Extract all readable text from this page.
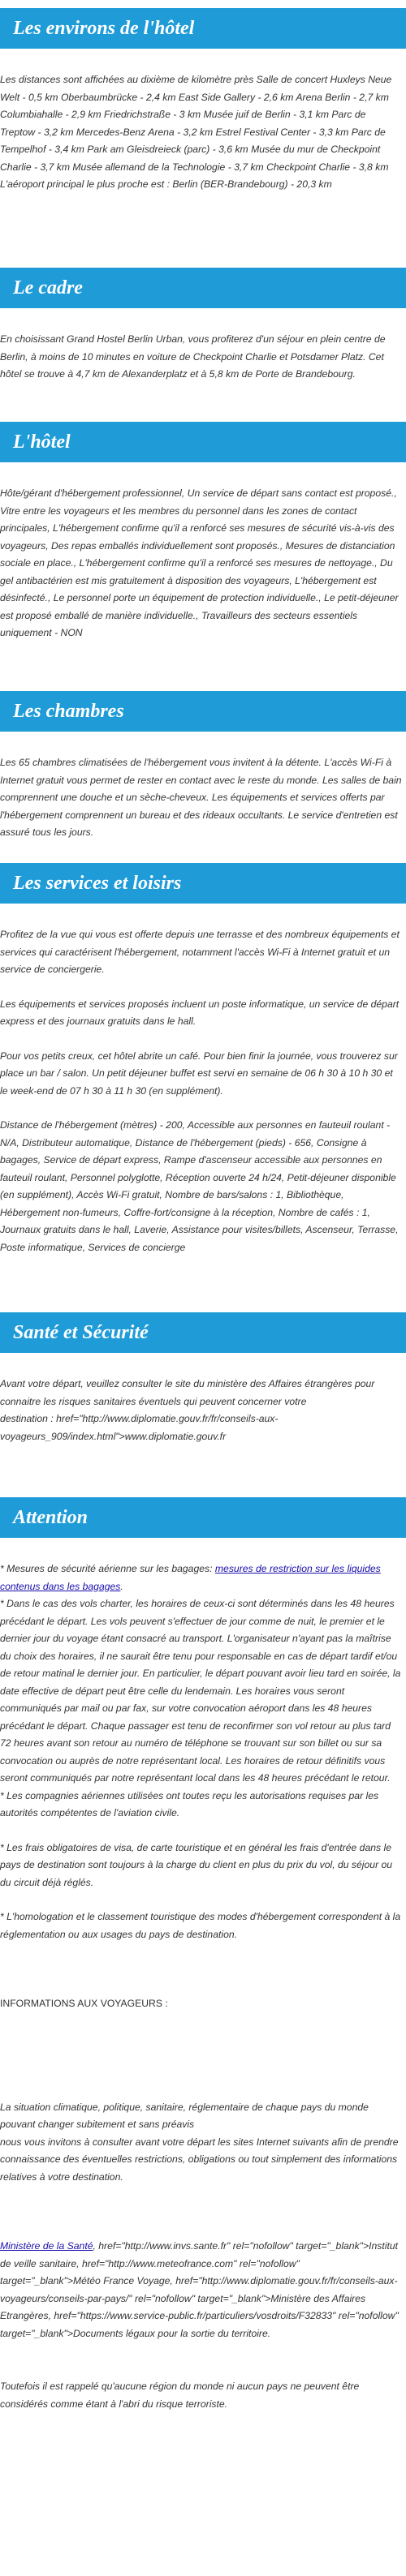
Les environs de l'hôtel

Les distances sont affichées au dixième de kilomètre près Salle de concert Huxleys Neue Welt - 0,5 km Oberbaumbrücke - 2,4 km East Side Gallery - 2,6 km Arena Berlin - 2,7 km Columbiahalle - 2,9 km Friedrichstraße - 3 km Musée juif de Berlin - 3,1 km Parc de Treptow - 3,2 km Mercedes-Benz Arena - 3,2 km Estrel Festival Center - 3,3 km Parc de Tempelhof - 3,4 km Park am Gleisdreieck (parc) - 3,6 km Musée du mur de Checkpoint Charlie - 3,7 km Musée allemand de la Technologie - 3,7 km Checkpoint Charlie - 3,8 km L'aéroport principal le plus proche est : Berlin (BER-Brandebourg) - 20,3 km

Le cadre

En choisissant Grand Hostel Berlin Urban, vous profiterez d'un séjour en plein centre de Berlin, à moins de 10 minutes en voiture de Checkpoint Charlie et Potsdamer Platz. Cet hôtel se trouve à 4,7 km de Alexanderplatz et à 5,8 km de Porte de Brandebourg.

L'hôtel

Hôte/gérant d'hébergement professionnel, Un service de départ sans contact est proposé., Vitre entre les voyageurs et les membres du personnel dans les zones de contact principales, L'hébergement confirme qu'il a renforcé ses mesures de sécurité vis-à-vis des voyageurs, Des repas emballés individuellement sont proposés., Mesures de distanciation sociale en place., L'hébergement confirme qu'il a renforcé ses mesures de nettoyage., Du gel antibactérien est mis gratuitement à disposition des voyageurs, L'hébergement est désinfecté., Le personnel porte un équipement de protection individuelle., Le petit-déjeuner est proposé emballé de manière individuelle., Travailleurs des secteurs essentiels uniquement - NON

Les chambres

Les 65 chambres climatisées de l'hébergement vous invitent à la détente. L'accès Wi-Fi à Internet gratuit vous permet de rester en contact avec le reste du monde. Les salles de bain comprennent une douche et un sèche-cheveux. Les équipements et services offerts par l'hébergement comprennent un bureau et des rideaux occultants. Le service d'entretien est assuré tous les jours.

Les services et loisirs

Profitez de la vue qui vous est offerte depuis une terrasse et des nombreux équipements et services qui caractérisent l'hébergement, notamment l'accès Wi-Fi à Internet gratuit et un service de conciergerie.

Les équipements et services proposés incluent un poste informatique, un service de départ express et des journaux gratuits dans le hall.

Pour vos petits creux, cet hôtel abrite un café. Pour bien finir la journée, vous trouverez sur place un bar / salon. Un petit déjeuner buffet est servi en semaine de 06 h 30 à 10 h 30 et le week-end de 07 h 30 à 11 h 30 (en supplément).

Distance de l'hébergement (mètres) - 200, Accessible aux personnes en fauteuil roulant - N/A, Distributeur automatique, Distance de l'hébergement (pieds) - 656, Consigne à bagages, Service de départ express, Rampe d'ascenseur accessible aux personnes en fauteuil roulant, Personnel polyglotte, Réception ouverte 24 h/24, Petit-déjeuner disponible (en supplément), Accès Wi-Fi gratuit, Nombre de bars/salons : 1, Bibliothèque, Hébergement non-fumeurs, Coffre-fort/consigne à la réception, Nombre de cafés : 1, Journaux gratuits dans le hall, Laverie, Assistance pour visites/billets, Ascenseur, Terrasse, Poste informatique, Services de concierge

Santé et Sécurité

Avant votre départ, veuillez consulter le site du ministère des Affaires étrangères pour connaitre les risques sanitaires éventuels qui peuvent concerner votre
destination : href="http://www.diplomatie.gouv.fr/fr/conseils-aux-voyageurs_909/index.html">www.diplomatie.gouv.fr

Attention

* Mesures de sécurité aérienne sur les bagages: mesures de restriction sur les liquides contenus dans les bagages.

* Dans le cas des vols charter, les horaires de ceux-ci sont déterminés dans les 48 heures précédant le départ. Les vols peuvent s'effectuer de jour comme de nuit, le premier et le dernier jour du voyage étant consacré au transport. L'organisateur n'ayant pas la maîtrise du choix des horaires, il ne saurait être tenu pour responsable en cas de départ tardif et/ou de retour matinal le dernier jour. En particulier, le départ pouvant avoir lieu tard en soirée, la date effective de départ peut être celle du lendemain. Les horaires vous seront communiqués par mail ou par fax, sur votre convocation aéroport dans les 48 heures précédant le départ. Chaque passager est tenu de reconfirmer son vol retour au plus tard 72 heures avant son retour au numéro de téléphone se trouvant sur son billet ou sur sa convocation ou auprès de notre représentant local. Les horaires de retour définitifs vous seront communiqués par notre représentant local dans les 48 heures précédant le retour.
* Les compagnies aériennes utilisées ont toutes reçu les autorisations requises par les autorités compétentes de l'aviation civile.

* Les frais obligatoires de visa, de carte touristique et en général les frais d'entrée dans le pays de destination sont toujours à la charge du client en plus du prix du vol, du séjour ou du circuit déjà réglés.

* L'homologation et le classement touristique des modes d'hébergement correspondent à la réglementation ou aux usages du pays de destination.

INFORMATIONS AUX VOYAGEURS :

La situation climatique, politique, sanitaire, réglementaire de chaque pays du monde pouvant changer subitement et sans préavis
nous vous invitons à consulter avant votre départ les sites Internet suivants afin de prendre connaissance des éventuelles restrictions, obligations ou tout simplement des informations relatives à votre destination.

Ministère de la Santé, href="http://www.invs.sante.fr" rel="nofollow" target="_blank">Institut de veille sanitaire, href="http://www.meteofrance.com" rel="nofollow" target="_blank">Météo France Voyage, href="http://www.diplomatie.gouv.fr/fr/conseils-aux-voyageurs/conseils-par-pays/" rel="nofollow" target="_blank">Ministère des Affaires Etrangères, href="https://www.service-public.fr/particuliers/vosdroits/F32833" rel="nofollow" target="_blank">Documents légaux pour la sortie du territoire.

Toutefois il est rappelé qu'aucune région du monde ni aucun pays ne peuvent être considérés comme étant à l'abri du risque terroriste.
